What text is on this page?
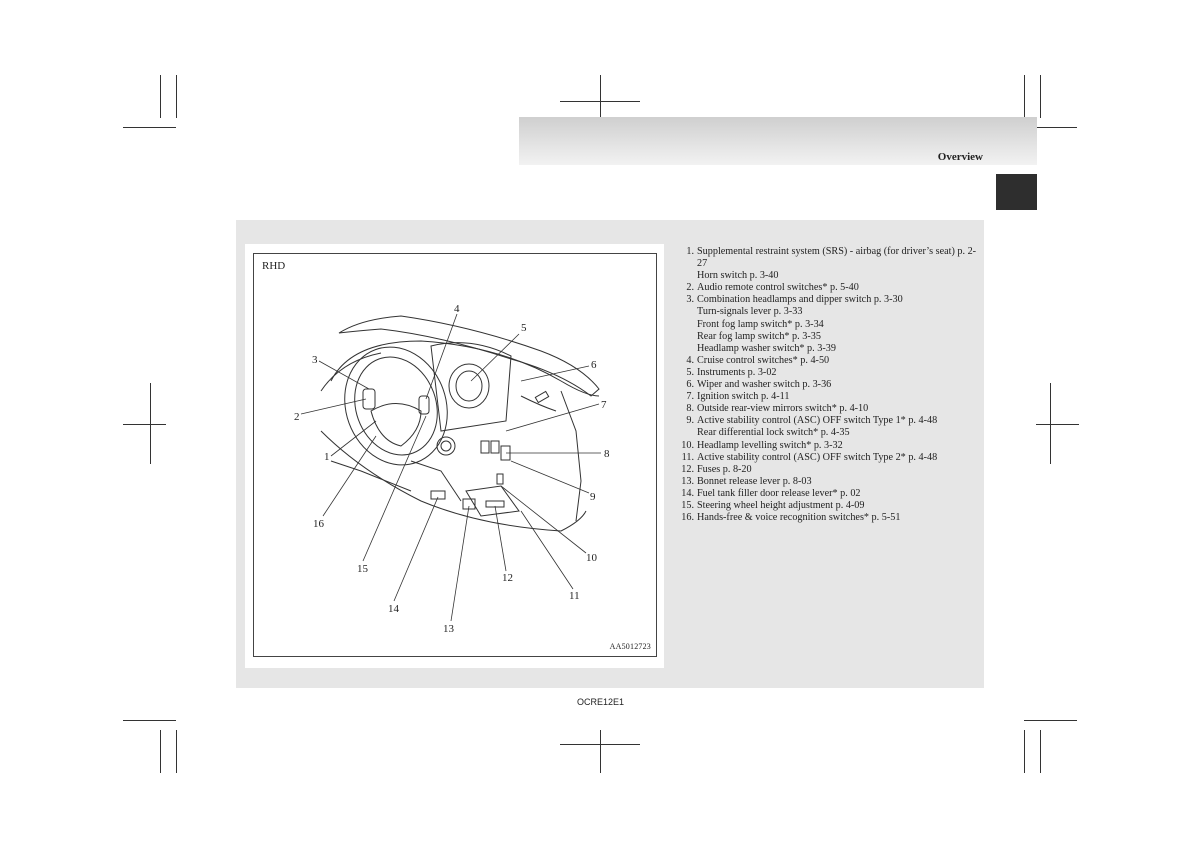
Overview
1
2
3
4
5
6
7
8
9
10
11
12
13
14
15
16
RHD
AA5012723
1. Supplemental restraint system (SRS) - airbag (for driver’s seat) p. 2-27
Horn switch p. 3-40
2. Audio remote control switches* p. 5-40
3. Combination headlamps and dipper switch p. 3-30
Turn-signals lever p. 3-33
Front fog lamp switch* p. 3-34
Rear fog lamp switch* p. 3-35
Headlamp washer switch* p. 3-39
4. Cruise control switches* p. 4-50
5. Instruments p. 3-02
6. Wiper and washer switch p. 3-36
7. Ignition switch p. 4-11
8. Outside rear-view mirrors switch* p. 4-10
9. Active stability control (ASC) OFF switch Type 1* p. 4-48
Rear differential lock switch* p. 4-35
10. Headlamp levelling switch* p. 3-32
11. Active stability control (ASC) OFF switch Type 2* p. 4-48
12. Fuses p. 8-20
13. Bonnet release lever p. 8-03
14. Fuel tank filler door release lever* p. 02
15. Steering wheel height adjustment p. 4-09
16. Hands-free & voice recognition switches* p. 5-51
OCRE12E1
